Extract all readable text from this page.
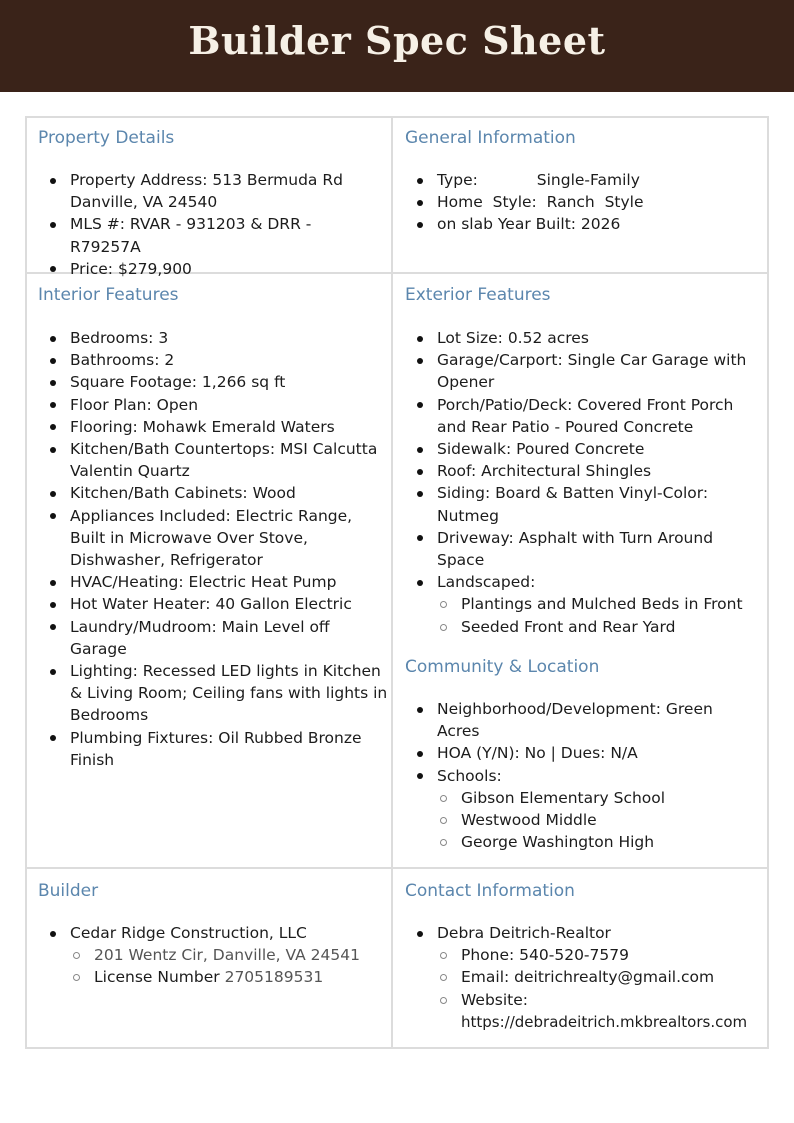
Builder Spec Sheet
Property Details
Property Address: 513 Bermuda Rd
Danville, VA 24540
MLS #: RVAR - 931203 & DRR - R79257A
Price: $279,900
General Information
Type:	Single-Family
Home  Style:  Ranch  Style
on slab Year Built: 2026
Interior Features
Bedrooms: 3
Bathrooms: 2
Square Footage: 1,266 sq ft
Floor Plan: Open
Flooring: Mohawk Emerald Waters
Kitchen/Bath Countertops: MSI Calcutta Valentin Quartz
Kitchen/Bath Cabinets: Wood
Appliances Included: Electric Range, Built in Microwave Over Stove, Dishwasher, Refrigerator
HVAC/Heating: Electric Heat Pump
Hot Water Heater: 40 Gallon Electric
Laundry/Mudroom: Main Level off Garage
Lighting: Recessed LED lights in Kitchen & Living Room; Ceiling fans with lights in Bedrooms
Plumbing Fixtures: Oil Rubbed Bronze Finish
Exterior Features
Lot Size: 0.52 acres
Garage/Carport: Single Car Garage with Opener
Porch/Patio/Deck: Covered Front Porch and Rear Patio - Poured Concrete
Sidewalk: Poured Concrete
Roof: Architectural Shingles
Siding: Board & Batten Vinyl-Color: Nutmeg
Driveway: Asphalt with Turn Around Space
Landscaped:
Plantings and Mulched Beds in Front
Seeded Front and Rear Yard
Community & Location
Neighborhood/Development: Green Acres
HOA (Y/N): No | Dues: N/A
Schools:
Gibson Elementary School
Westwood Middle
George Washington High
Builder
Cedar Ridge Construction, LLC
201 Wentz Cir, Danville, VA 24541
License Number 2705189531
Contact Information
Debra Deitrich-Realtor
Phone: 540-520-7579
Email: deitrichrealty@gmail.com
Website:
https://debradeitrich.mkbrealtors.com
